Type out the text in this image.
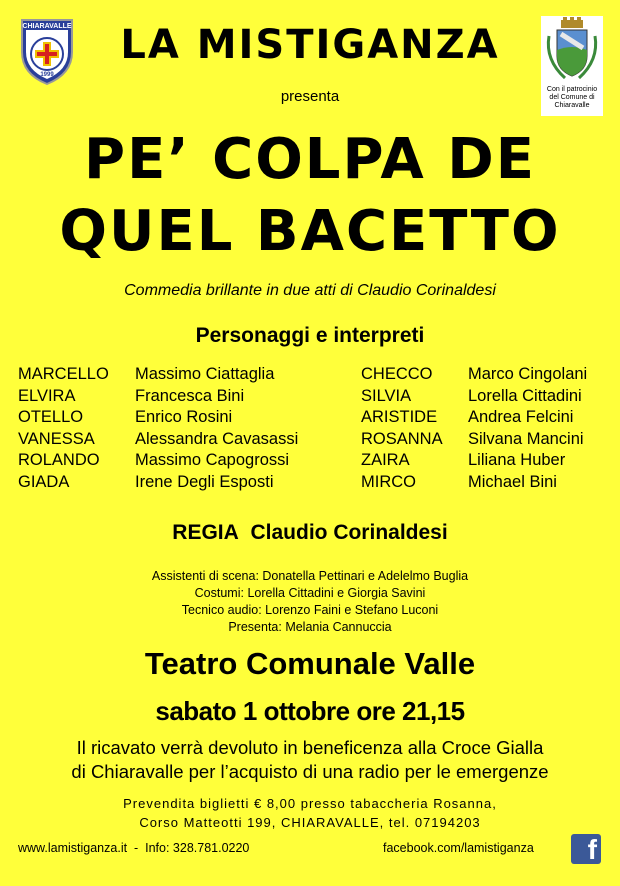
CHIARAVALLE
1999
Con il patrocinio
del Comune di
Chiaravalle
LA MISTIGANZA
presenta
PE’ COLPA DE
QUEL BACETTO
Commedia brillante in due atti di Claudio Corinaldesi
Personaggi e interpreti
MARCELLO
ELVIRA
OTELLO
VANESSA
ROLANDO
GIADA
Massimo Ciattaglia
Francesca Bini
Enrico Rosini
Alessandra Cavasassi
Massimo Capogrossi
Irene Degli Esposti
CHECCO
SILVIA
ARISTIDE
ROSANNA
ZAIRA
MIRCO
Marco Cingolani
Lorella Cittadini
Andrea Felcini
Silvana Mancini
Liliana Huber
Michael Bini
REGIA Claudio Corinaldesi
Assistenti di scena: Donatella Pettinari e Adelelmo Buglia
Costumi: Lorella Cittadini e Giorgia Savini
Tecnico audio: Lorenzo Faini e Stefano Luconi
Presenta: Melania Cannuccia
Teatro Comunale Valle
sabato 1 ottobre ore 21,15
Il ricavato verrà devoluto in beneficenza alla Croce Gialla
di Chiaravalle per l’acquisto di una radio per le emergenze
Prevendita biglietti € 8,00 presso tabaccheria Rosanna,
Corso Matteotti 199, CHIARAVALLE, tel. 07194203
www.lamistiganza.it  -  Info: 328.781.0220	facebook.com/lamistiganza f
